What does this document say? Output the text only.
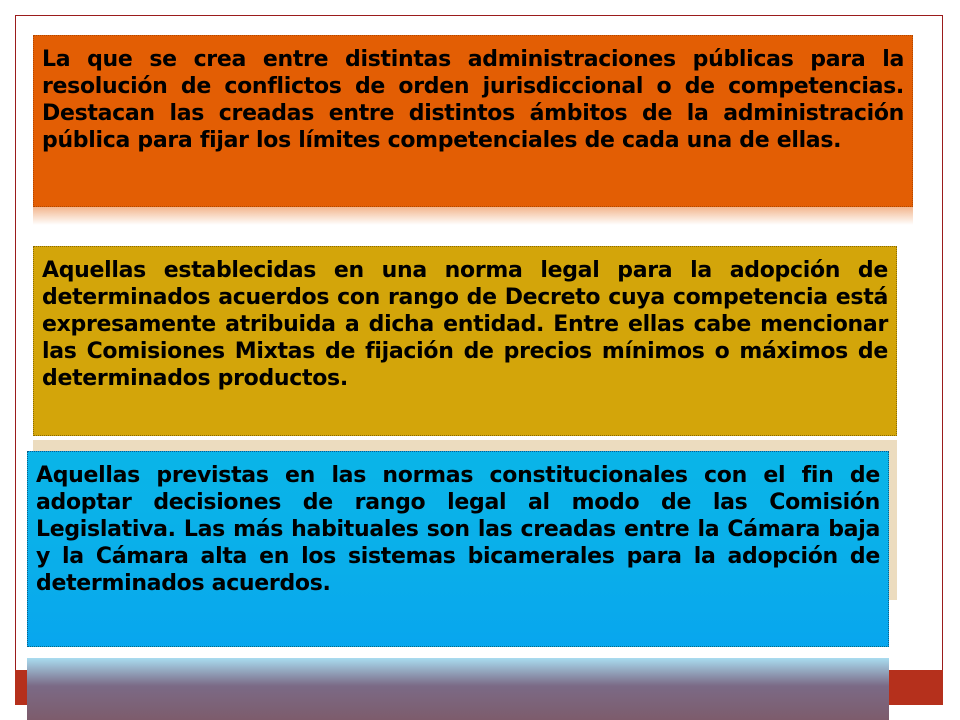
La que se crea entre distintas administraciones públicas para la resolución de conflictos de orden jurisdiccional o de competencias. Destacan las creadas entre distintos ámbitos de la administración pública para fijar los límites competenciales de cada una de ellas.
Aquellas establecidas en una norma legal para la adopción de determinados acuerdos con rango de Decreto cuya competencia está expresamente atribuida a dicha entidad. Entre ellas cabe mencionar las Comisiones Mixtas de fijación de precios mínimos o máximos de determinados productos.
Aquellas previstas en las normas constitucionales con el fin de adoptar decisiones de rango legal al modo de las Comisión Legislativa. Las más habituales son las creadas entre la Cámara baja y la Cámara alta en los sistemas bicamerales para la adopción de determinados acuerdos.
